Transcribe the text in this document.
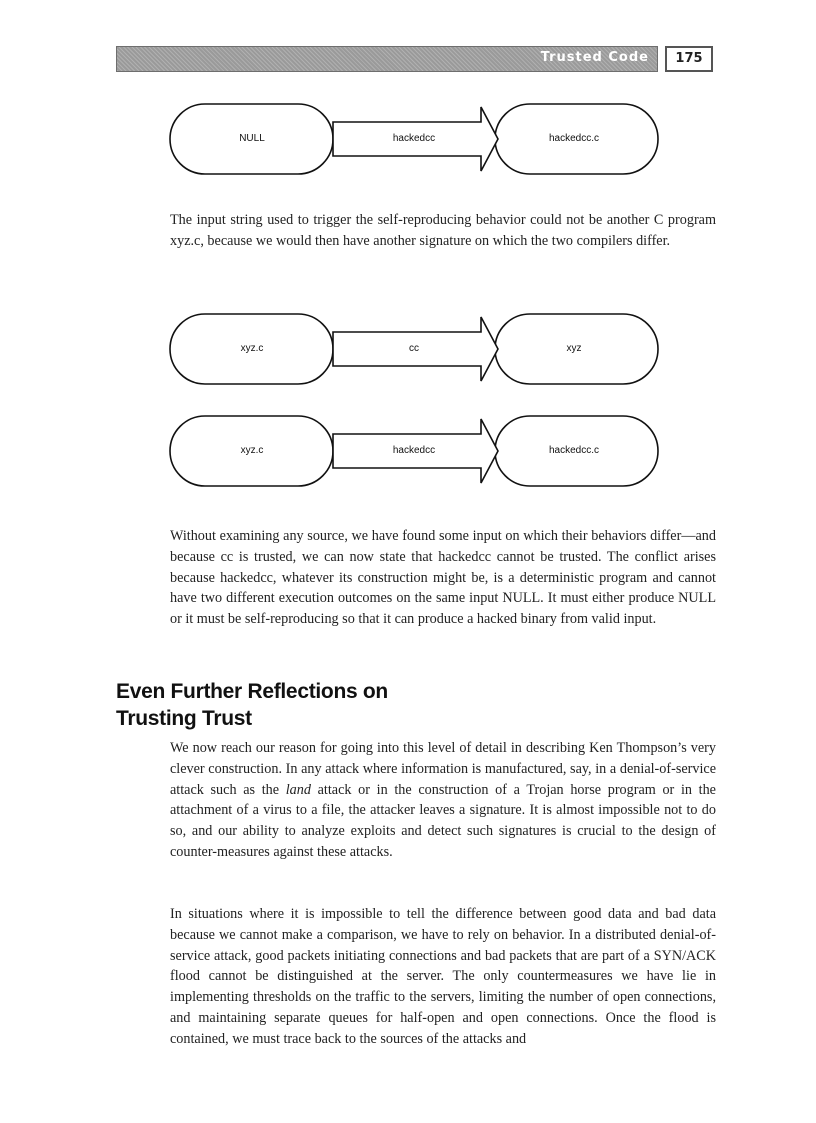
Trusted Code	175
NULL	hackedcc	hackedcc.c

The input string used to trigger the self-reproducing behavior could not be another C program xyz.c, because we would then have another signature on which the two compilers differ.

xyz.c	cc	xyz
xyz.c	hackedcc	hackedcc.c

Without examining any source, we have found some input on which their behaviors differ—and because cc is trusted, we can now state that hackedcc cannot be trusted. The conflict arises because hackedcc, whatever its construction might be, is a deterministic program and cannot have two different execution outcomes on the same input NULL. It must either produce NULL or it must be self-reproducing so that it can produce a hacked binary from valid input.

Even Further Reflections on
Trusting Trust

We now reach our reason for going into this level of detail in describing Ken Thompson’s very clever construction. In any attack where information is manufactured, say, in a denial-of-service attack such as the land attack or in the construction of a Trojan horse program or in the attachment of a virus to a file, the attacker leaves a signature. It is almost impossible not to do so, and our ability to analyze exploits and detect such signatures is crucial to the design of counter-measures against these attacks.

In situations where it is impossible to tell the difference between good data and bad data because we cannot make a comparison, we have to rely on behavior. In a distributed denial-of-service attack, good packets initiating connections and bad packets that are part of a SYN/ACK flood cannot be distinguished at the server. The only countermeasures we have lie in implementing thresholds on the traffic to the servers, limiting the number of open connections, and maintaining separate queues for half-open and open connections. Once the flood is contained, we must trace back to the sources of the attacks and
